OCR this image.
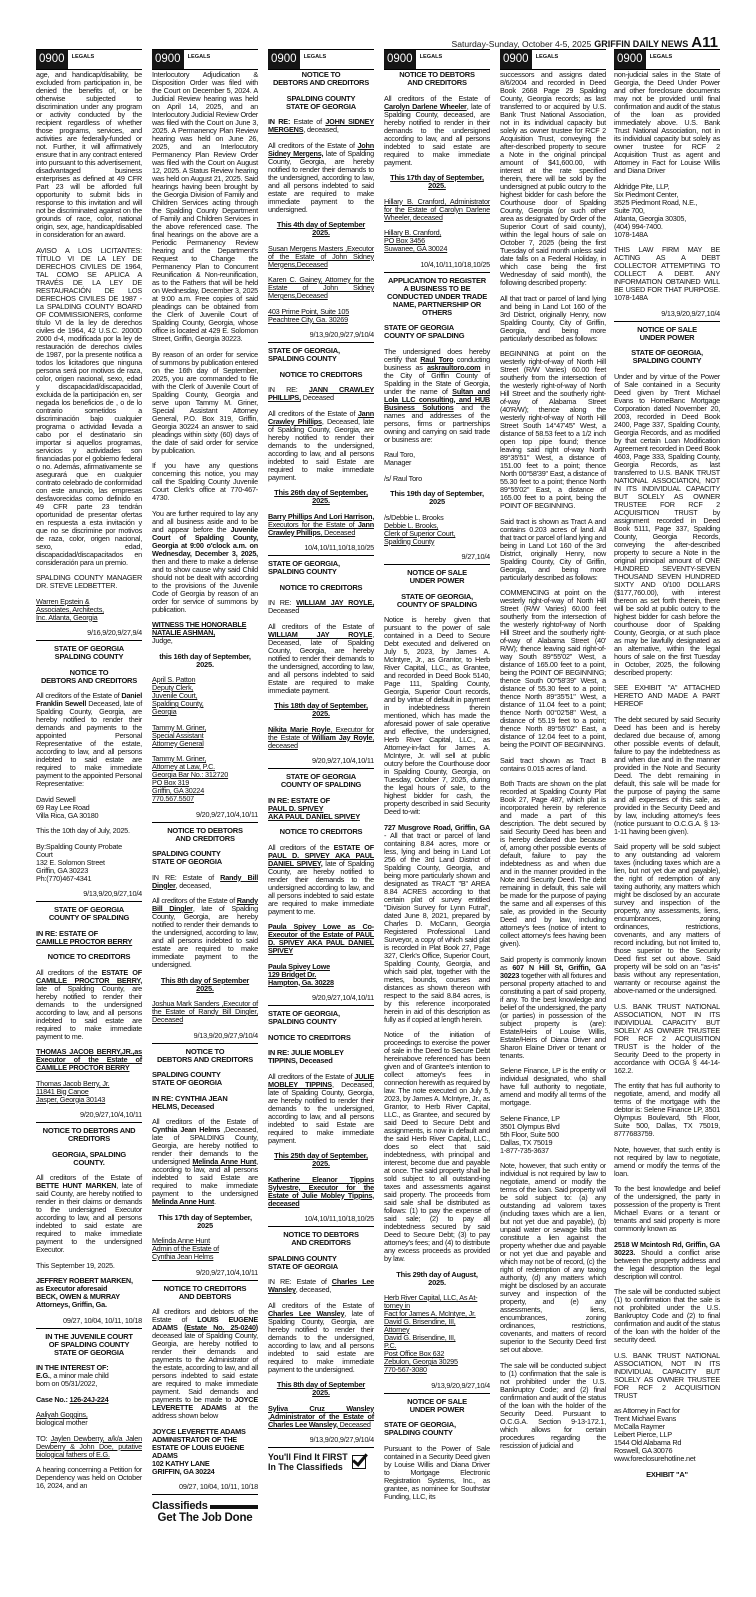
Saturday-Sunday, October 4-5, 2025 GRIFFIN DAILY NEWS A11
0900	LEGALS
age, and handicap/disability, be excluded from participation in, be denied the benefits of, or be otherwise subjected to discrimination under any program or activity conducted by the recipient regardless of whether those programs, services, and activities are federally-funded or not. Further, it will affirmatively ensure that in any contract entered into pursuant to this advertisement, disadvantaged business enterprises as defined at 49 CFR Part 23 will be afforded full opportunity to submit bids in response to this invitation and will not be discriminated against on the grounds of race, color, national origin, sex, age, handicap/disabled in consideration for an award.
AVISO A LOS LICITANTES: TÍTULO VI DE LA LEY DE DERECHOS CIVILES DE 1964, TAL COMO SE APLICA A TRAVÉS DE LA LEY DE RESTAURACIÓN DE LOS DERECHOS CIVILES DE 1987 - La SPALDING COUNTY BOARD OF COMMISSIONERS, conforme título VI de la ley de derechos civiles de 1964, 42 U.S.C. 2000D 2000 d-4, modificada por la ley de restauración de derechos civiles de 1987, por la presente notifica a todos los licitadores que ninguna persona será por motivos de raza, color, origen nacional, sexo, edad y discapacidad/discapacidad, excluida de la participación en, ser negada los beneficios de , o de lo contrario sometidos a discriminación bajo cualquier programa o actividad llevada a cabo por el destinatario sin importar si aquellos programas, servicios y actividades son financiadas por el gobierno federal o no. Además, afirmativamente se asegurará que en cualquier contrato celebrado de conformidad con este anuncio, las empresas desfavorecidas como definido en 49 CFR parte 23 tendrán oportunidad de presentar ofertas en respuesta a esta invitación y que no se discrimine por motivos de raza, color, origen nacional, sexo, edad, discapacidad/discapacitados en consideración para un premio.
SPALDING COUNTY MANAGER DR. STEVE LEDBETTER.
Warren Epstein &
Associates, Architects,
Inc. Atlanta, Georgia
9/16,9/20,9/27,9/4
STATE OF GEORGIA
SPALDING COUNTY
NOTICE TO
DEBTORS AND CREDITORS
All creditors of the Estate of Daniel Franklin Sewell Deceased, late of Spalding County, Georgia, are hereby notified to render their demands and payments to the appointed Personal Representative of the estate, according to law, and all persons indebted to said estate are required to make immediate payment to the appointed Personal Representative:
David Sewell
69 Ray Lee Road
Villa Rica, GA 30180
This the 10th day of July, 2025.
By:Spalding County Probate
Court
132 E. Solomon Street
Griffin, GA 30223
Ph:(770)467-4341
9/13,9/20,9/27,10/4
STATE OF GEORGIA
COUNTY OF SPALDING
IN RE: ESTATE OF
CAMILLE PROCTOR BERRY
NOTICE TO CREDITORS
All creditors of the ESTATE OF CAMILLE PROCTOR BERRY, late of Spalding County, are hereby notified to render their demands to the undersigned according to law, and all persons indebted to said estate are required to make immediate payment to me.
THOMAS JACOB BERRY,JR.,as Executor of the Estate of CAMILLE PROCTOR BERRY
Thomas Jacob Berry, Jr.
11841 Big Canoe
Jasper, Georgia 30143
9/20,9/27,10/4,10/11
NOTICE TO DEBTORS AND
CREDITORS
GEORGIA, SPALDING
COUNTY.
All creditors of the Estate of BETTE HUNT MARKEN, late of said County, are hereby notified to render in their claims or demands to the undersigned Executor according to law, and all persons indebted to said estate are required to make immediate payment to the undersigned Executor.
This September 19, 2025.
JEFFREY ROBERT MARKEN,
as Executor aforesaid
BECK, OWEN & MURRAY
Attorneys, Griffin, Ga.
09/27, 10/04, 10/11, 10/18
IN THE JUVENILE COURT
OF SPALDING COUNTY
STATE OF GEORGIA
IN THE INTEREST OF:
E.G., a minor male child
born on 05/31/2022,
Case No.: 126-24J-224
Aaliyah Goggins,
biological mother
TO: Jaylen Dewberry, a/k/a Jalen Dewberry & John Doe, putative biological fathers of E.G.
A hearing concerning a Petition for Dependency was held on October 16, 2024, and an
0900	LEGALS
Interlocutory Adjudication & Disposition Order was filed with the Court on December 5, 2024. A Judicial Review hearing was held on April 14, 2025, and an Interlocutory Judicial Review Order was filed with the Court on June 3, 2025. A Permanency Plan Review hearing was held on June 26, 2025, and an Interlocutory Permanency Plan Review Order was filed with the Court on August 12, 2025. A Status Review hearing was held on August 21, 2025. Said hearings having been brought by the Georgia Division of Family and Children Services acting through the Spalding County Department of Family and Children Services in the above referenced case. The final hearings on the above are a Periodic Permanency Review hearing and the Department's Request to Change the Permanency Plan to Concurrent Reunification & Non-reunification, as to the Fathers that will be held on Wednesday, December 3, 2025 at 9:00 a.m. Free copies of said pleadings can be obtained from the Clerk of Juvenile Court of Spalding County, Georgia, whose office is located at 429 E. Solomon Street, Griffin, Georgia 30223.
By reason of an order for service of summons by publication entered on the 16th day of September, 2025, you are commanded to file with the Clerk of Juvenile Court of Spalding County, Georgia and serve upon Tammy M. Griner, Special Assistant Attorney General, P.O. Box 319, Griffin, Georgia 30224 an answer to said pleadings within sixty (60) days of the date of said order for service by publication.
If you have any questions concerning this notice, you may call the Spalding County Juvenile Court Clerk's office at 770-467-4730.
You are further required to lay any and all business aside and to be and appear before the Juvenile Court of Spalding County, Georgia at 9:00 o'clock a.m. on Wednesday, December 3, 2025, then and there to make a defense and to show cause why said Child should not be dealt with according to the provisions of the Juvenile Code of Georgia by reason of an order for service of summons by publication.
WITNESS THE HONORABLE
NATALIE ASHMAN,
Judge,
this 16th day of September,
2025.
April S. Patton
Deputy Clerk,
Juvenile Court,
Spalding County,
Georgia
Tammy M. Griner,
Special Assistant
Attorney General
Tammy M. Griner,
Attorney at Law, P.C.
Georgia Bar No.: 312720
PO Box 319
Griffin, GA 30224
770.567.5507
9/20,9/27,10/4,10/11
NOTICE TO DEBTORS
AND CREDITORS
SPALDING COUNTY
STATE OF GEORGIA
IN RE: Estate of Randy Bill Dingler, deceased,
All creditors of the Estate of Randy Bill Dingler, late of Spalding County, Georgia, are hereby notified to render their demands to the undersigned, according to law, and all persons indebted to said estate are required to make immediate payment to the undersigned.
This 8th day of September
2025.
Joshua Mark Sanders ,Executor of the Estate of Randy Bill Dingler, Deceased
9/13,9/20,9/27,9/10/4
NOTICE TO
DEBTORS AND CREDITORS
SPALDING COUNTY
STATE OF GEORGIA
IN RE: CYNTHIA JEAN
HELMS, Deceased
All creditors of the Estate of Cynthia Jean Helms ,Deceased, late of SPALDING County, Georgia, are hereby notified to render their demands to the undersigned Melinda Anne Hunt, according to law, and all persons indebted to said Estate are required to make immediate payment to the undersigned Melinda Anne Hunt.
This 17th day of September,
2025
Melinda Anne Hunt
Admin of the Estate of
Cynthia Jean Helms
9/20,9/27,10/4,10/11
NOTICE TO CREDITORS
AND DEBTORS
All creditors and debtors of the Estate of LOUIS EUGENE ADAMS (Estate No. 25-0240) deceased late of Spalding County, Georgia, are hereby notified to render their demands and payments to the Administrator of the estate, according to law, and all persons indebted to said estate are required to make immediate payment. Said demands and payments to be made to JOYCE LEVERETTE ADAMS at the address shown below
JOYCE LEVERETTE ADAMS
ADMINISTRATOR OF THE
ESTATE OF LOUIS EUGENE
ADAMS
102 KATHY LANE
GRIFFIN, GA 30224
09/27, 10/04, 10/11, 10/18
Classifieds
Get The Job Done
0900	LEGALS
NOTICE TO
DEBTORS AND CREDITORS
SPALDING COUNTY
STATE OF GEORGIA
IN RE: Estate of JOHN SIDNEY MERGENS, deceased,
All creditors of the Estate of John Sidney Mergens, late of Spalding County, Georgia, are hereby notified to render their demands to the undersigned, according to law, and all persons indebted to said estate are required to make immediate payment to the undersigned.
This 4th day of September
2025.
Susan Mergens Masters ,Executor of the Estate of John Sidney Mergens,Deceased
Karen C. Gainey, Attorney for the Estate of John Sidney Mergens,Deceased
403 Prime Point, Suite 105
Peachtree City, Ga. 30269
9/13,9/20,9/27,9/10/4
STATE OF GEORGIA,
SPALDING COUNTY
NOTICE TO CREDITORS
IN RE: JANN CRAWLEY PHILLIPS, Deceased
All creditors of the Estate of Jann Crawley Phillips, Deceased, late of Spalding County, Georgia, are hereby notified to render their demands to the undersigned, according to law, and all persons indebted to said Estate are required to make immediate payment.
This 26th day of September,
2025.
Barry Phillips And Lori Harrison, Executors for the Estate of Jann Crawley Phillips, Deceased
10/4,10/11,10/18,10/25
STATE OF GEORGIA,
SPALDING COUNTY
NOTICE TO CREDITORS
IN RE: WILLIAM JAY ROYLE, Deceased
All creditors of the Estate of WILLIAM JAY ROYLE, Deceased, late of Spalding County, Georgia, are hereby notified to render their demands to the undersigned, according to law, and all persons indebted to said Estate are required to make immediate payment.
This 18th day of September,
2025.
Nikita Marie Royle, Executor for the Estate of William Jay Royle, deceased
9/20,9/27,10/4,10/11
STATE OF GEORGIA
COUNTY OF SPALDING
IN RE: ESTATE OF
PAUL D. SPIVEY
AKA PAUL DANIEL SPIVEY
NOTICE TO CREDITORS
All creditors of the ESTATE OF PAUL D. SPIVEY AKA PAUL DANIEL SPIVEY, late of Spalding County, are hereby notified to render their demands to the undersigned according to law, and all persons indebted to said estate are required to make immediate payment to me.
Paula Spivey Lowe as Co-Executor of the Estate of PAUL D. SPIVEY AKA PAUL DANIEL SPIVEY
Paula Spivey Lowe
129 Bridget Dr.
Hampton, Ga. 30228
9/20,9/27,10/4,10/11
STATE OF GEORGIA,
SPALDING COUNTY
NOTICE TO CREDITORS
IN RE: JULIE MOBLEY
TIPPINS, Deceased
All creditors of the Estate of JULIE MOBLEY TIPPINS, Deceased, late of Spalding County, Georgia, are hereby notified to render their demands to the undersigned, according to law, and all persons indebted to said Estate are required to make immediate payment.
This 25th day of September,
2025.
Katherine Eleanor Tippins Sylvestre, Executor for the Estate of Julie Mobley Tippins, deceased
10/4,10/11,10/18,10/25
NOTICE TO DEBTORS
AND CREDITORS
SPALDING COUNTY
STATE OF GEORGIA
IN RE: Estate of Charles Lee Wansley, deceased,
All creditors of the Estate of Charles Lee Wansley, late of Spalding County, Georgia, are hereby notified to render their demands to the undersigned, according to law, and all persons indebted to said estate are required to make immediate payment to the undersigned.
This 8th day of September
2025.
Syliva Cruz Wansley ,Administrator of the Estate of Charles Lee Wansley, Deceased
9/13,9/20,9/27,9/10/4
You'll Find It FIRST
In The Classifieds
0900	LEGALS
NOTICE TO DEBTORS
AND CREDITORS
All creditors of the Estate of Carolyn Darlene Wheeler, late of Spalding County, deceased, are hereby notified to render in their demands to the undersigned according to law, and all persons indebted to said estate are required to make immediate payment.
This 17th day of September,
2025.
Hillary B. Cranford, Administrator for the Estate of Carolyn Darlene Wheeler, deceased
Hillary B. Cranford,
PO Box 3456
Suwanee, GA 30024
10/4,10/11,10/18,10/25
APPLICATION TO REGISTER
A BUSINESS TO BE
CONDUCTED UNDER TRADE
NAME, PARTNERSHIP OR
OTHERS
STATE OF GEORGIA
COUNTY OF SPALDING
The undersigned does hereby certify that Raul Toro conducting business as askraultoro.com in the City of Griffin County of Spalding in the State of Georgia, under the name of Sultan and Lola LLC consulting, and HUB Business Solutions and the names and addresses of the persons, firms or partnerships owning and carrying on said trade or business are:
Raul Toro,
Manager
/s/ Raul Toro
This 19th day of September,
2025
/s/Debbie L. Brooks
Debbie L. Brooks,
Clerk of Superior Court,
Spalding County
9/27,10/4
NOTICE OF SALE
UNDER POWER
STATE OF GEORGIA,
COUNTY OF SPALDING
Notice is hereby given that pursuant to the power of sale contained in a Deed to Secure Debt executed and delivered on July 5, 2023, by James A. McIntyre, Jr., as Grantor, to Herb River Capital, LLC., as Grantee, and recorded in Deed Book 5140, Page 111, Spalding County, Georgia, Superior Court records, and by virtue of default in payment in indebtedness therein mentioned, which has made the aforesaid power of sale operative and effective, the undersigned, Herb River Capital, LLC., as Attorney-in-fact for James A. McIntyre, Jr. will sell at public outcry before the Courthouse door in Spalding County, Georgia, on Tuesday, October 7, 2025, during the legal hours of sale, to the highest bidder for cash, the property described in said Security Deed to-wit:
727 Musgrove Road, Griffin, GA - All that tract or parcel of land containing 8.84 acres, more or less, lying and being in Land Lot 256 of the 3rd Land District of Spalding County, Georgia, and being more particularly shown and designated as TRACT "B" AREA 8.84 ACRES according to that certain plat of survey entitled "Division Survey for Lynn Futral", dated June 8, 2021, prepared by Charles D. McCann, Georgia Registered Professional Land Surveyor, a copy of which said plat is recorded in Plat Book 27, Page 327, Clerk's Office, Superior Court, Spalding County, Georgia, and which said plat, together with the metes, bounds, courses and distances as shown thereon with respect to the said 8.84 acres, is by this reference incorporated herein in aid of this description as fully as if copied at length herein.
Notice of the initiation of proceedings to exercise the power of sale in the Deed to Secure Debt hereinabove referenced has been given and of Grantee's intention to collect attorney's fees in connection herewith as required by law. The note executed on July 5, 2023, by James A. McIntyre, Jr., as Grantor, to Herb River Capital, LLC., as Grantee, and secured by said Deed to Secure Debt and assignments, is now in default and the said Herb River Capital, LLC., does so elect that said indebtedness, with principal and interest, become due and payable at once. The said property shall be sold subject to all outstand-ing taxes and assessments against said property. The proceeds from said sale shall be distributed as follows: (1) to pay the expense of said sale; (2) to pay all indebtedness secured by said Deed to Secure Debt; (3) to pay attorney's fees; and (4) to distribute any excess proceeds as provided by law.
This 29th day of August,
2025.
Herb River Capital, LLC, As At-
torney in
Fact for James A. McIntyre, Jr.
David G. Brisendine, III,
Attorney
David G. Brisendine, III,
P.C.
Post Office Box 632
Zebulon, Georgia 30295
770-567-3080
9/13,9/20,9/27,10/4
NOTICE OF SALE
UNDER POWER
STATE OF GEORGIA,
SPALDING COUNTY
Pursuant to the Power of Sale contained in a Security Deed given by Louise Willis and Diana Driver to Mortgage Electronic Registration Systems, Inc., as grantee, as nominee for Southstar Funding, LLC, its
0900	LEGALS
successors and assigns dated 8/6/2004 and recorded in Deed Book 2668 Page 29 Spalding County, Georgia records; as last transferred to or acquired by U.S. Bank Trust National Association, not in its individual capacity but solely as owner trustee for RCF 2 Acquisition Trust, conveying the after-described property to secure a Note in the original principal amount of $41,600.00, with interest at the rate specified therein, there will be sold by the undersigned at public outcry to the highest bidder for cash before the Courthouse door of Spalding County, Georgia (or such other area as designated by Order of the Superior Court of said county), within the legal hours of sale on October 7, 2025 (being the first Tuesday of said month unless said date falls on a Federal Holiday, in which case being the first Wednesday of said month), the following described property:
All that tract or parcel of land lying and being in Land Lot 160 of the 3rd District, originally Henry, now Spalding County, City of Griffin, Georgia, and being more particularly described as follows:
BEGINNING at point on the westerly right-of-way of North Hill Street (R/W Varies) 60.00 feet southerly from the intersection of the westerly right-of-way of North Hill Street and the southerly right-of-way of Alabama Street (40'R/W); thence along the westerly right-of-way of North Hill Street South 14°47'45" West, a distance of 58.53 feet to a 1/2 inch open top pipe found; thence leaving said right of-way North 89°35'51" West, a distance of 151.00 feet to a point; thence North 00°58'39" East, a distance of 55.30 feet to a point; thence North 89°55'02" East, a distance of 165.00 feet to a point, being the POINT OF BEGINNING.
Said tract is shown as Tract A and contains 0.203 acres of land. All that tract or parcel of land lying and being in Land Lot 160 of the 3rd District, originally Henry, now Spalding County, City of Griffin, Georgia, and being more particularly described as follows:
COMMENCING at point on the westerly right-of-way of North Hill Street (R/W Varies) 60.00 feet southerly from the intersection of the westerly rightof-way of North Hill Street and the southerly right-of-way of Alabama Street (40' R/W); thence leaving said right-of-way South 89°55'02" West, a distance of 165.00 feet to a point, being the POINT OF BEGINNING; thence South 00°58'39" West, a distance of 55.30 feet to a point; thence North 89°35'51" West, a distance of 11.04 feet to a point; thence North 00°02'58" West, a distance of 55.19 feet to a point; thence North 89°55'02" East, a distance of 12.04 feet to a point, being the POINT OF BEGINNING.
Said tract shown as Tract B contains 0.015 acres of land.
Both Tracts are shown on the plat recorded at Spalding County Plat Book 27, Page 487, which plat is incorporated herein by reference and made a part of this description. The debt secured by said Security Deed has been and is hereby declared due because of, among other possible events of default, failure to pay the indebtedness as and when due and in the manner provided in the Note and Security Deed. The debt remaining in default, this sale will be made for the purpose of paying the same and all expenses of this sale, as provided in the Security Deed and by law, including attorney's fees (notice of intent to collect attorney's fees having been given).
Said property is commonly known as 607 N Hill St, Griffin, GA 30223 together with all fixtures and personal property attached to and constituting a part of said property, if any. To the best knowledge and belief of the undersigned, the party (or parties) in possession of the subject property is (are): Estate/Heirs of Louise Willis, Estate/Heirs of Diana Driver and Sharon Elaine Driver or tenant or tenants.
Selene Finance, LP is the entity or individual designated, who shall have full authority to negotiate, amend and modify all terms of the mortgage.
Selene Finance, LP
3501 Olympus Blvd
5th Floor, Suite 500
Dallas, TX 75019
1-877-735-3637
Note, however, that such entity or individual is not required by law to negotiate, amend or modify the terms of the loan. Said property will be sold subject to: (a) any outstanding ad valorem taxes (including taxes which are a lien, but not yet due and payable), (b) unpaid water or sewage bills that constitute a lien against the property whether due and payable or not yet due and payable and which may not be of record, (c) the right of redemption of any taxing authority, (d) any matters which might be disclosed by an accurate survey and inspection of the property, and (e) any assessments, liens, encumbrances, zoning ordinances, restrictions, covenants, and matters of record superior to the Security Deed first set out above.
The sale will be conducted subject to (1) confirmation that the sale is not prohibited under the U.S. Bankruptcy Code; and (2) final confirmation and audit of the status of the loan with the holder of the Security Deed. Pursuant to O.C.G.A. Section 9-13-172.1, which allows for certain procedures regarding the rescission of judicial and
0900	LEGALS
non-judicial sales in the State of Georgia, the Deed Under Power and other foreclosure documents may not be provided until final confirmation and audit of the status of the loan as provided immediately above. U.S. Bank Trust National Association, not in its individual capacity but solely as owner trustee for RCF 2 Acquisition Trust as agent and Attorney in Fact for Louise Willis and Diana Driver
Aldridge Pite, LLP,
Six Piedmont Center,
3525 Piedmont Road, N.E.,
Suite 700,
Atlanta, Georgia 30305,
(404) 994-7400.
1078-148A
THIS LAW FIRM MAY BE ACTING AS A DEBT COLLECTOR ATTEMPTING TO COLLECT A DEBT. ANY INFORMATION OBTAINED WILL BE USED FOR THAT PURPOSE. 1078-148A
9/13,9/20,9/27,10/4
NOTICE OF SALE
UNDER POWER
STATE OF GEORGIA,
SPALDING COUNTY
Under and by virtue of the Power of Sale contained in a Security Deed given by Trent Michael Evans to HomeBanc Mortgage Corporation dated November 20, 2003, recorded in Deed Book 2400, Page 337, Spalding County, Georgia Records, and as modified by that certain Loan Modification Agreement recorded in Deed Book 4603, Page 333, Spalding County, Georgia Records, as last transferred to U.S. BANK TRUST NATIONAL ASSOCIATION, NOT IN ITS INDIVIDUAL CAPACITY BUT SOLELY AS OWNER TRUSTEE FOR RCF 2 ACQUISITION TRUST by assignment recorded in Deed Book 5111, Page 337, Spalding County, Georgia Records, conveying the after-described property to secure a Note in the original principal amount of ONE HUNDRED SEVENTY-SEVEN THOUSAND SEVEN HUNDRED SIXTY AND 0/100 DOLLARS ($177,760.00), with interest thereon as set forth therein, there will be sold at public outcry to the highest bidder for cash before the courthouse door of Spalding County, Georgia, or at such place as may be lawfully designated as an alternative, within the legal hours of sale on the first Tuesday in October, 2025, the following described property:
SEE EXHIBIT "A" ATTACHED HERETO AND MADE A PART HEREOF
The debt secured by said Security Deed has been and is hereby declared due because of, among other possible events of default, failure to pay the indebtedness as and when due and in the manner provided in the Note and Security Deed. The debt remaining in default, this sale will be made for the purpose of paying the same and all expenses of this sale, as provided in the Security Deed and by law, including attorney's fees (notice pursuant to O.C.G.A. § 13-1-11 having been given).
Said property will be sold subject to any outstanding ad valorem taxes (including taxes which are a lien, but not yet due and payable), the right of redemption of any taxing authority, any matters which might be disclosed by an accurate survey and inspection of the property, any assessments, liens, encumbrances, zoning ordinances, restrictions, covenants, and any matters of record including, but not limited to, those superior to the Security Deed first set out above. Said property will be sold on an "as-is" basis without any representation, warranty or recourse against the above-named or the undersigned.
U.S. BANK TRUST NATIONAL ASSOCIATION, NOT IN ITS INDIVIDUAL CAPACITY BUT SOLELY AS OWNER TRUSTEE FOR RCF 2 ACQUISITION TRUST is the holder of the Security Deed to the property in accordance with OCGA § 44-14-162.2.
The entity that has full authority to negotiate, amend, and modify all terms of the mortgage with the debtor is: Selene Finance LP, 3501 Olympus Boulevard, 5th Floor, Suite 500, Dallas, TX 75019, 8777683759.
Note, however, that such entity is not required by law to negotiate, amend or modify the terms of the loan.
To the best knowledge and belief of the undersigned, the party in possession of the property is Trent Michael Evans or a tenant or tenants and said property is more commonly known as
2518 W Mcintosh Rd, Griffin, GA 30223. Should a conflict arise between the property address and the legal description the legal description will control.
The sale will be conducted subject (1) to confirmation that the sale is not prohibited under the U.S. Bankruptcy Code and (2) to final confirmation and audit of the status of the loan with the holder of the security deed.
U.S. BANK TRUST NATIONAL ASSOCIATION, NOT IN ITS INDIVIDUAL CAPACITY BUT SOLELY AS OWNER TRUSTEE FOR RCF 2 ACQUISITION TRUST
as Attorney in Fact for
Trent Michael Evans
McCalla Raymer
Leibert Pierce, LLP
1544 Old Alabama Rd
Roswell, GA 30076
www.foreclosurehotline.net
EXHIBIT "A"
